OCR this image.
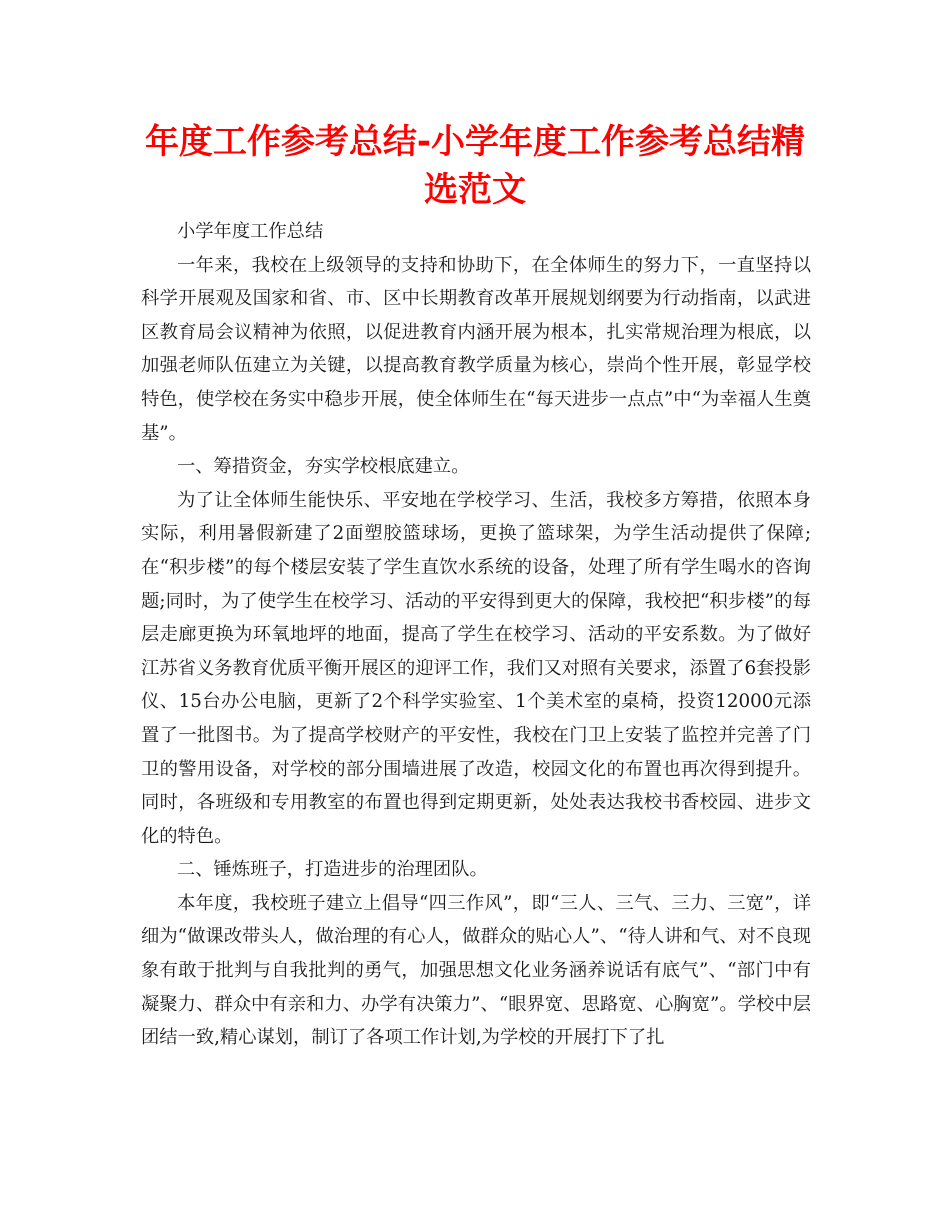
年度工作参考总结-小学年度工作参考总结精选范文

小学年度工作总结

一年来，我校在上级领导的支持和协助下，在全体师生的努力下，一直坚持以科学开展观及国家和省、市、区中长期教育改革开展规划纲要为行动指南，以武进区教育局会议精神为依照，以促进教育内涵开展为根本，扎实常规治理为根底，以加强老师队伍建立为关键，以提高教育教学质量为核心，崇尚个性开展，彰显学校特色，使学校在务实中稳步开展，使全体师生在“每天进步一点点”中“为幸福人生奠基”。

一、筹措资金，夯实学校根底建立。

为了让全体师生能快乐、平安地在学校学习、生活，我校多方筹措，依照本身实际，利用暑假新建了2面塑胶篮球场，更换了篮球架，为学生活动提供了保障;在“积步楼”的每个楼层安装了学生直饮水系统的设备，处理了所有学生喝水的咨询题;同时，为了使学生在校学习、活动的平安得到更大的保障，我校把“积步楼”的每层走廊更换为环氧地坪的地面，提高了学生在校学习、活动的平安系数。为了做好江苏省义务教育优质平衡开展区的迎评工作，我们又对照有关要求，添置了6套投影仪、15台办公电脑，更新了2个科学实验室、1个美术室的桌椅，投资12000元添置了一批图书。为了提高学校财产的平安性，我校在门卫上安装了监控并完善了门卫的警用设备，对学校的部分围墙进展了改造，校园文化的布置也再次得到提升。同时，各班级和专用教室的布置也得到定期更新，处处表达我校书香校园、进步文化的特色。

二、锤炼班子，打造进步的治理团队。

本年度，我校班子建立上倡导“四三作风”，即“三人、三气、三力、三宽”，详细为“做课改带头人，做治理的有心人，做群众的贴心人”、“待人讲和气、对不良现象有敢于批判与自我批判的勇气，加强思想文化业务涵养说话有底气”、“部门中有凝聚力、群众中有亲和力、办学有决策力”、“眼界宽、思路宽、心胸宽”。学校中层团结一致,精心谋划，制订了各项工作计划,为学校的开展打下了扎
